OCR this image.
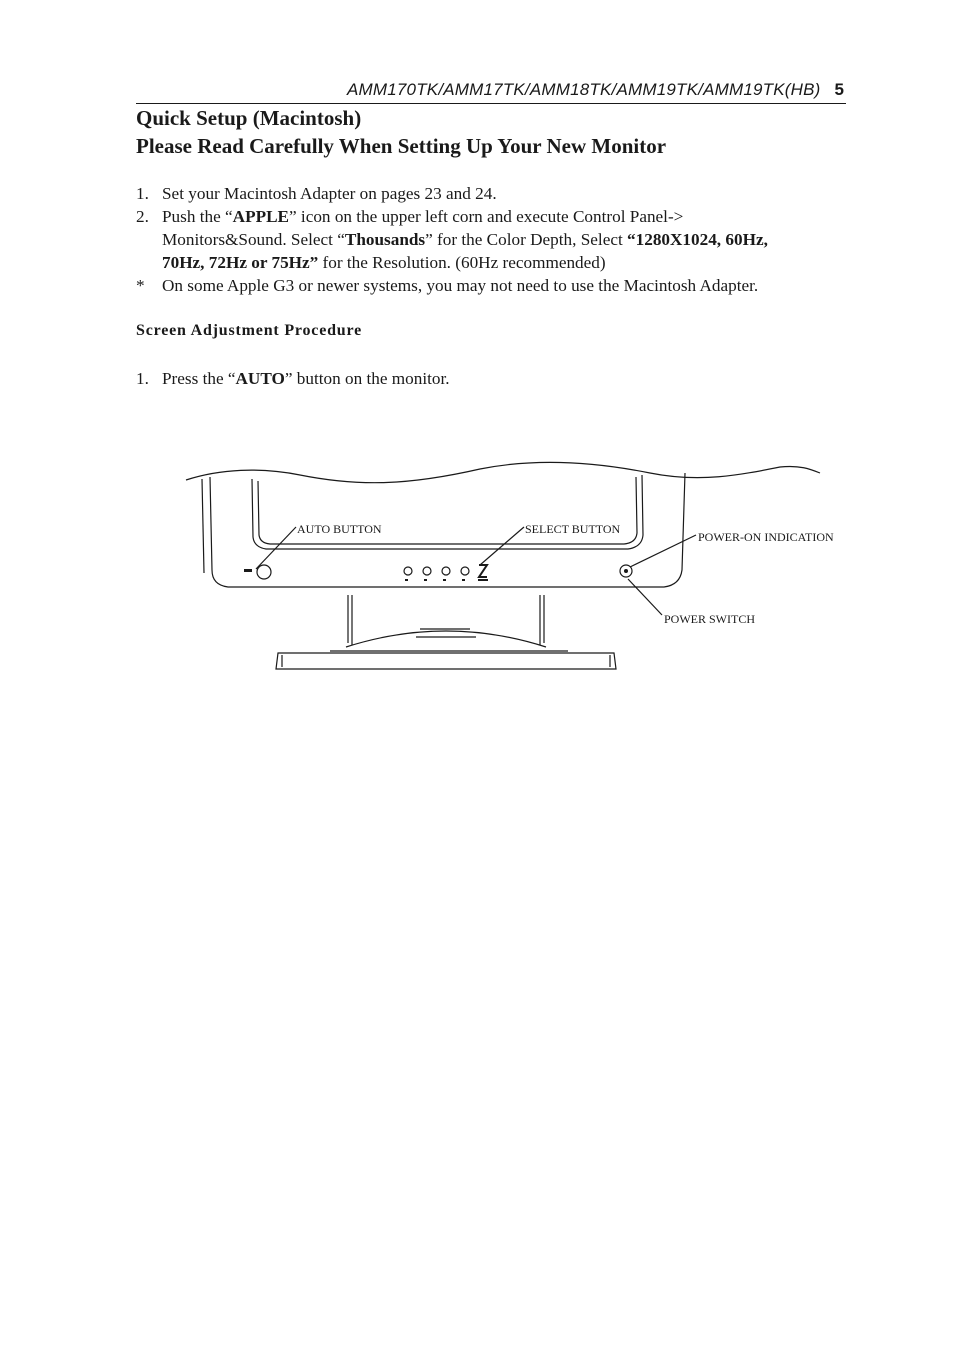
AMM170TK/AMM17TK/AMM18TK/AMM19TK/AMM19TK(HB) 5
Quick Setup (Macintosh)
Please Read Carefully When Setting Up Your New Monitor
1. Set your Macintosh Adapter on pages 23 and 24.
2. Push the “APPLE” icon on the upper left corn and execute Control Panel->
Monitors&Sound. Select “Thousands” for the Color Depth, Select “1280X1024, 60Hz,
70Hz, 72Hz or 75Hz” for the Resolution. (60Hz recommended)
* On some Apple G3 or newer systems, you may not need to use the Macintosh Adapter.
Screen Adjustment Procedure
1. Press the “AUTO” button on the monitor.
AUTO BUTTON	SELECT BUTTON
POWER-ON INDICATION
POWER SWITCH
